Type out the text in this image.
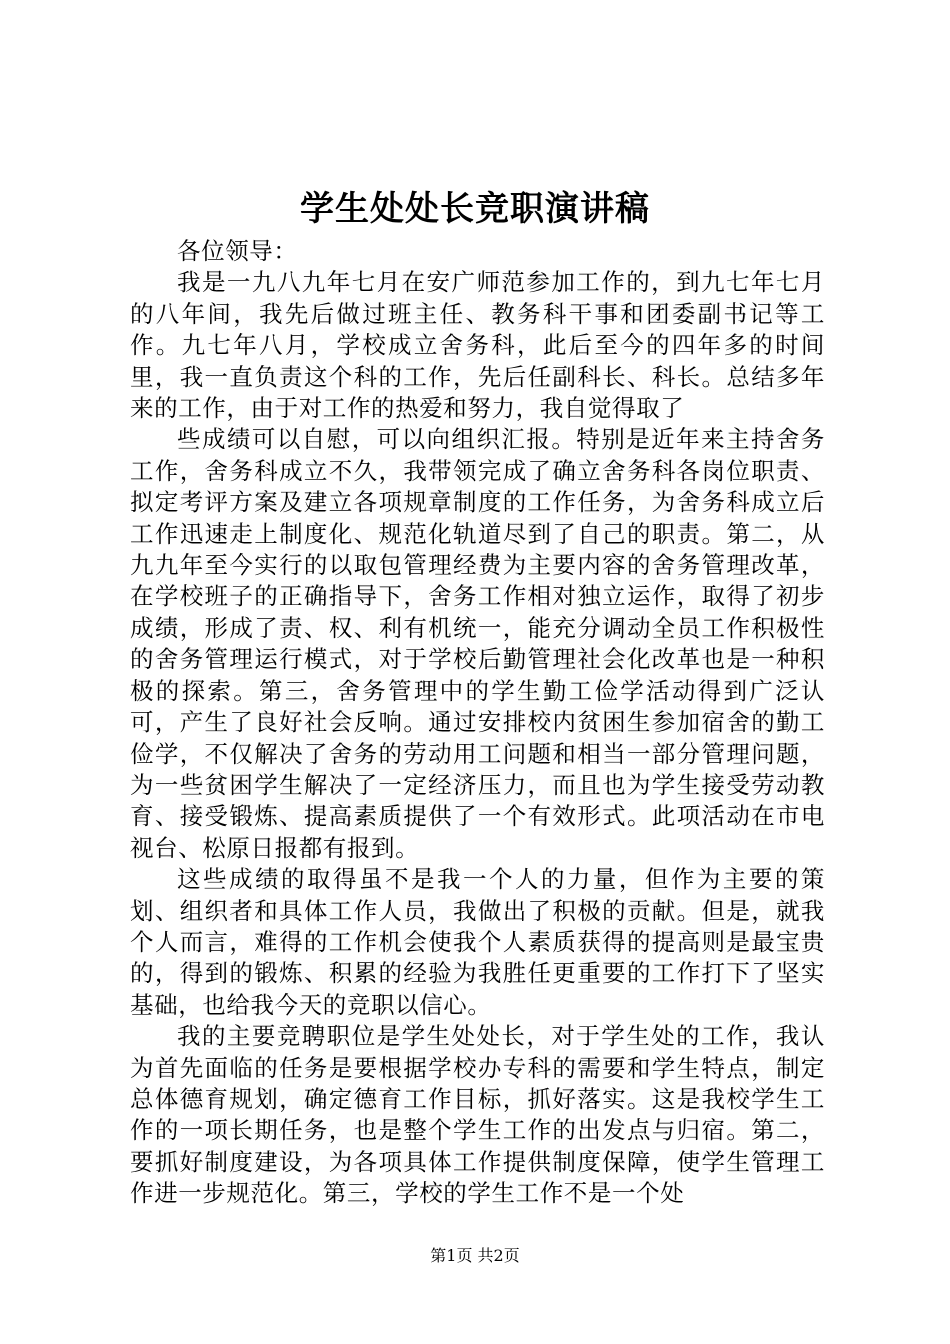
学生处处长竞职演讲稿

各位领导：

我是一九八九年七月在安广师范参加工作的，到九七年七月的八年间，我先后做过班主任、教务科干事和团委副书记等工作。九七年八月，学校成立舍务科，此后至今的四年多的时间里，我一直负责这个科的工作，先后任副科长、科长。总结多年来的工作，由于对工作的热爱和努力，我自觉得取了

些成绩可以自慰，可以向组织汇报。特别是近年来主持舍务工作，舍务科成立不久，我带领完成了确立舍务科各岗位职责、拟定考评方案及建立各项规章制度的工作任务，为舍务科成立后工作迅速走上制度化、规范化轨道尽到了自己的职责。第二，从九九年至今实行的以取包管理经费为主要内容的舍务管理改革，在学校班子的正确指导下，舍务工作相对独立运作，取得了初步成绩，形成了责、权、利有机统一，能充分调动全员工作积极性的舍务管理运行模式，对于学校后勤管理社会化改革也是一种积极的探索。第三，舍务管理中的学生勤工俭学活动得到广泛认可，产生了良好社会反响。通过安排校内贫困生参加宿舍的勤工俭学，不仅解决了舍务的劳动用工问题和相当一部分管理问题，为一些贫困学生解决了一定经济压力，而且也为学生接受劳动教育、接受锻炼、提高素质提供了一个有效形式。此项活动在市电视台、松原日报都有报到。

这些成绩的取得虽不是我一个人的力量，但作为主要的策划、组织者和具体工作人员，我做出了积极的贡献。但是，就我个人而言，难得的工作机会使我个人素质获得的提高则是最宝贵的，得到的锻炼、积累的经验为我胜任更重要的工作打下了坚实基础，也给我今天的竞职以信心。

我的主要竞聘职位是学生处处长，对于学生处的工作，我认为首先面临的任务是要根据学校办专科的需要和学生特点，制定总体德育规划，确定德育工作目标，抓好落实。这是我校学生工作的一项长期任务，也是整个学生工作的出发点与归宿。第二，要抓好制度建设，为各项具体工作提供制度保障，使学生管理工作进一步规范化。第三，学校的学生工作不是一个处

第1页 共2页
